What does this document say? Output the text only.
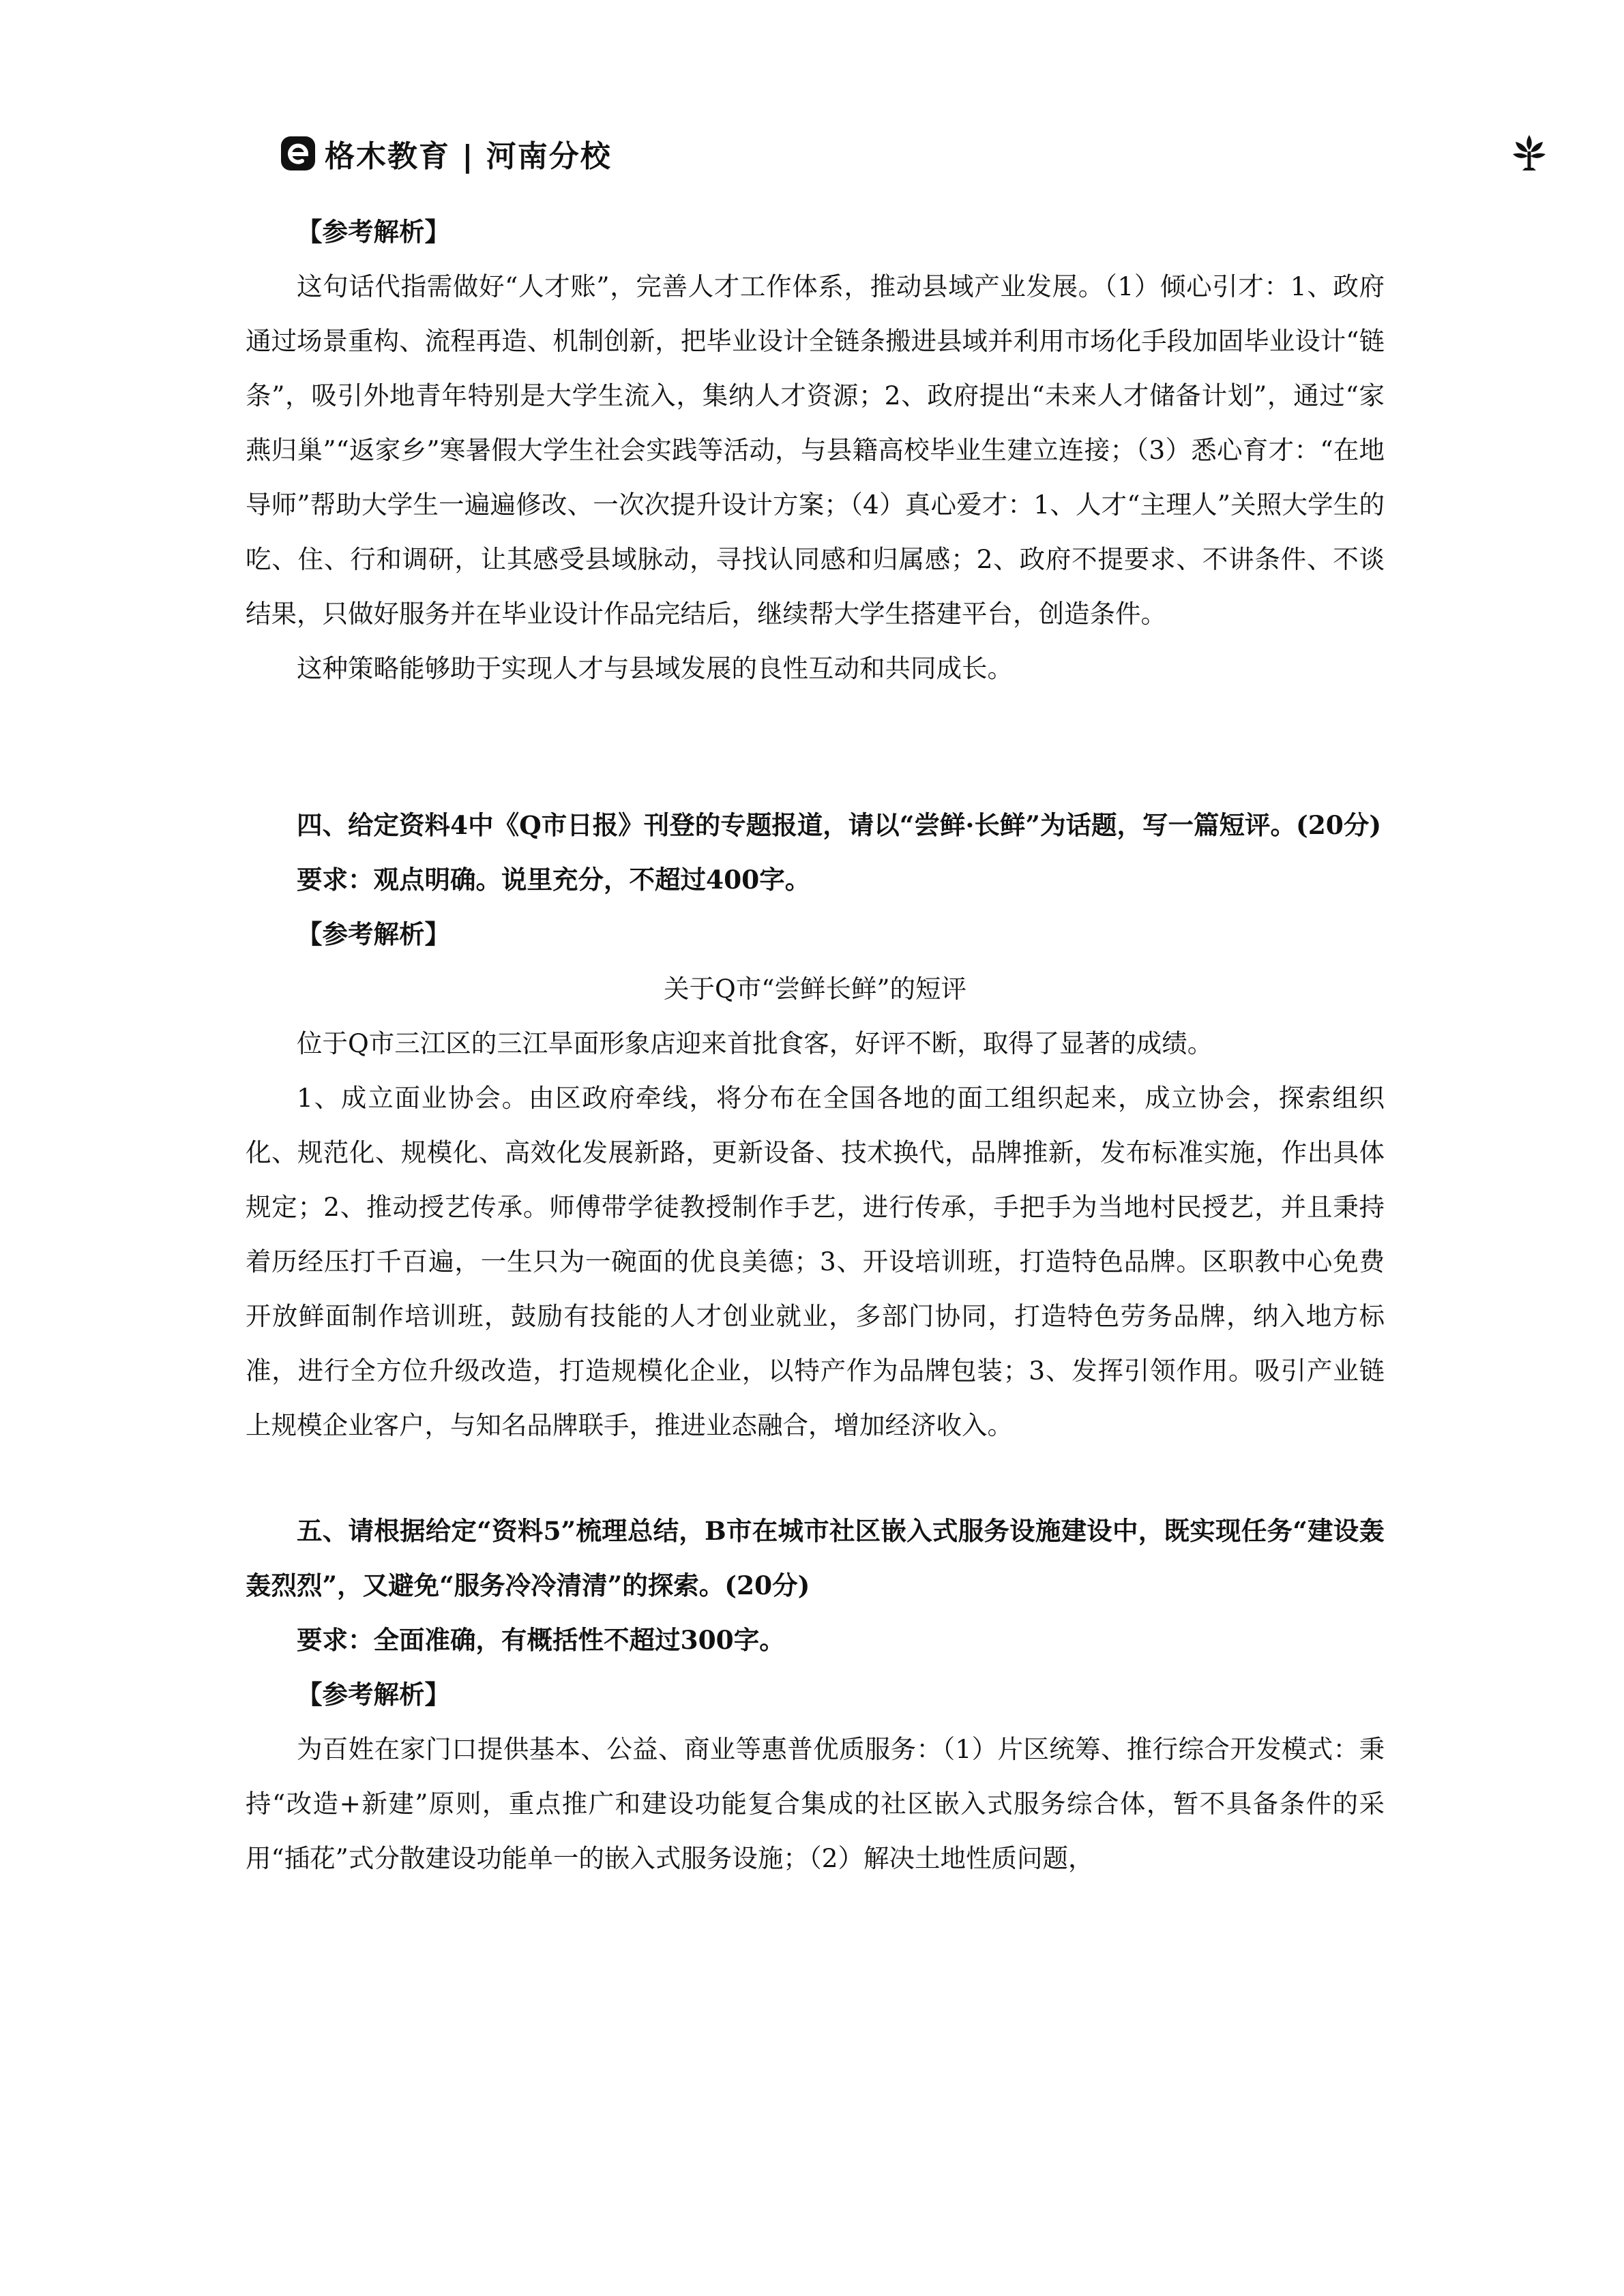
格木教育 | 河南分校

【参考解析】

这句话代指需做好“人才账”，完善人才工作体系，推动县域产业发展。（1）倾心引才：1、政府通过场景重构、流程再造、机制创新，把毕业设计全链条搬进县域并利用市场化手段加固毕业设计“链条”，吸引外地青年特别是大学生流入，集纳人才资源；2、政府提出“未来人才储备计划”，通过“家燕归巢”“返家乡”寒暑假大学生社会实践等活动，与县籍高校毕业生建立连接；（3）悉心育才：“在地导师”帮助大学生一遍遍修改、一次次提升设计方案；（4）真心爱才：1、人才“主理人”关照大学生的吃、住、行和调研，让其感受县域脉动，寻找认同感和归属感；2、政府不提要求、不讲条件、不谈结果，只做好服务并在毕业设计作品完结后，继续帮大学生搭建平台，创造条件。

这种策略能够助于实现人才与县域发展的良性互动和共同成长。

四、给定资料4中《Q市日报》刊登的专题报道，请以“尝鲜·长鲜”为话题，写一篇短评。(20分)

要求：观点明确。说里充分，不超过400字。

【参考解析】

关于Q市“尝鲜长鲜”的短评

位于Q市三江区的三江旱面形象店迎来首批食客，好评不断，取得了显著的成绩。

1、成立面业协会。由区政府牵线，将分布在全国各地的面工组织起来，成立协会，探索组织化、规范化、规模化、高效化发展新路，更新设备、技术换代，品牌推新，发布标准实施，作出具体规定；2、推动授艺传承。师傅带学徒教授制作手艺，进行传承，手把手为当地村民授艺，并且秉持着历经压打千百遍，一生只为一碗面的优良美德；3、开设培训班，打造特色品牌。区职教中心免费开放鲜面制作培训班，鼓励有技能的人才创业就业，多部门协同，打造特色劳务品牌，纳入地方标准，进行全方位升级改造，打造规模化企业，以特产作为品牌包装；3、发挥引领作用。吸引产业链上规模企业客户，与知名品牌联手，推进业态融合，增加经济收入。

五、请根据给定“资料5”梳理总结，B市在城市社区嵌入式服务设施建设中，既实现任务“建设轰轰烈烈”，又避免“服务冷冷清清”的探索。(20分)

要求：全面准确，有概括性不超过300字。

【参考解析】

为百姓在家门口提供基本、公益、商业等惠普优质服务：（1）片区统筹、推行综合开发模式：秉持“改造+新建”原则，重点推广和建设功能复合集成的社区嵌入式服务综合体，暂不具备条件的采用“插花”式分散建设功能单一的嵌入式服务设施；（2）解决土地性质问题，
